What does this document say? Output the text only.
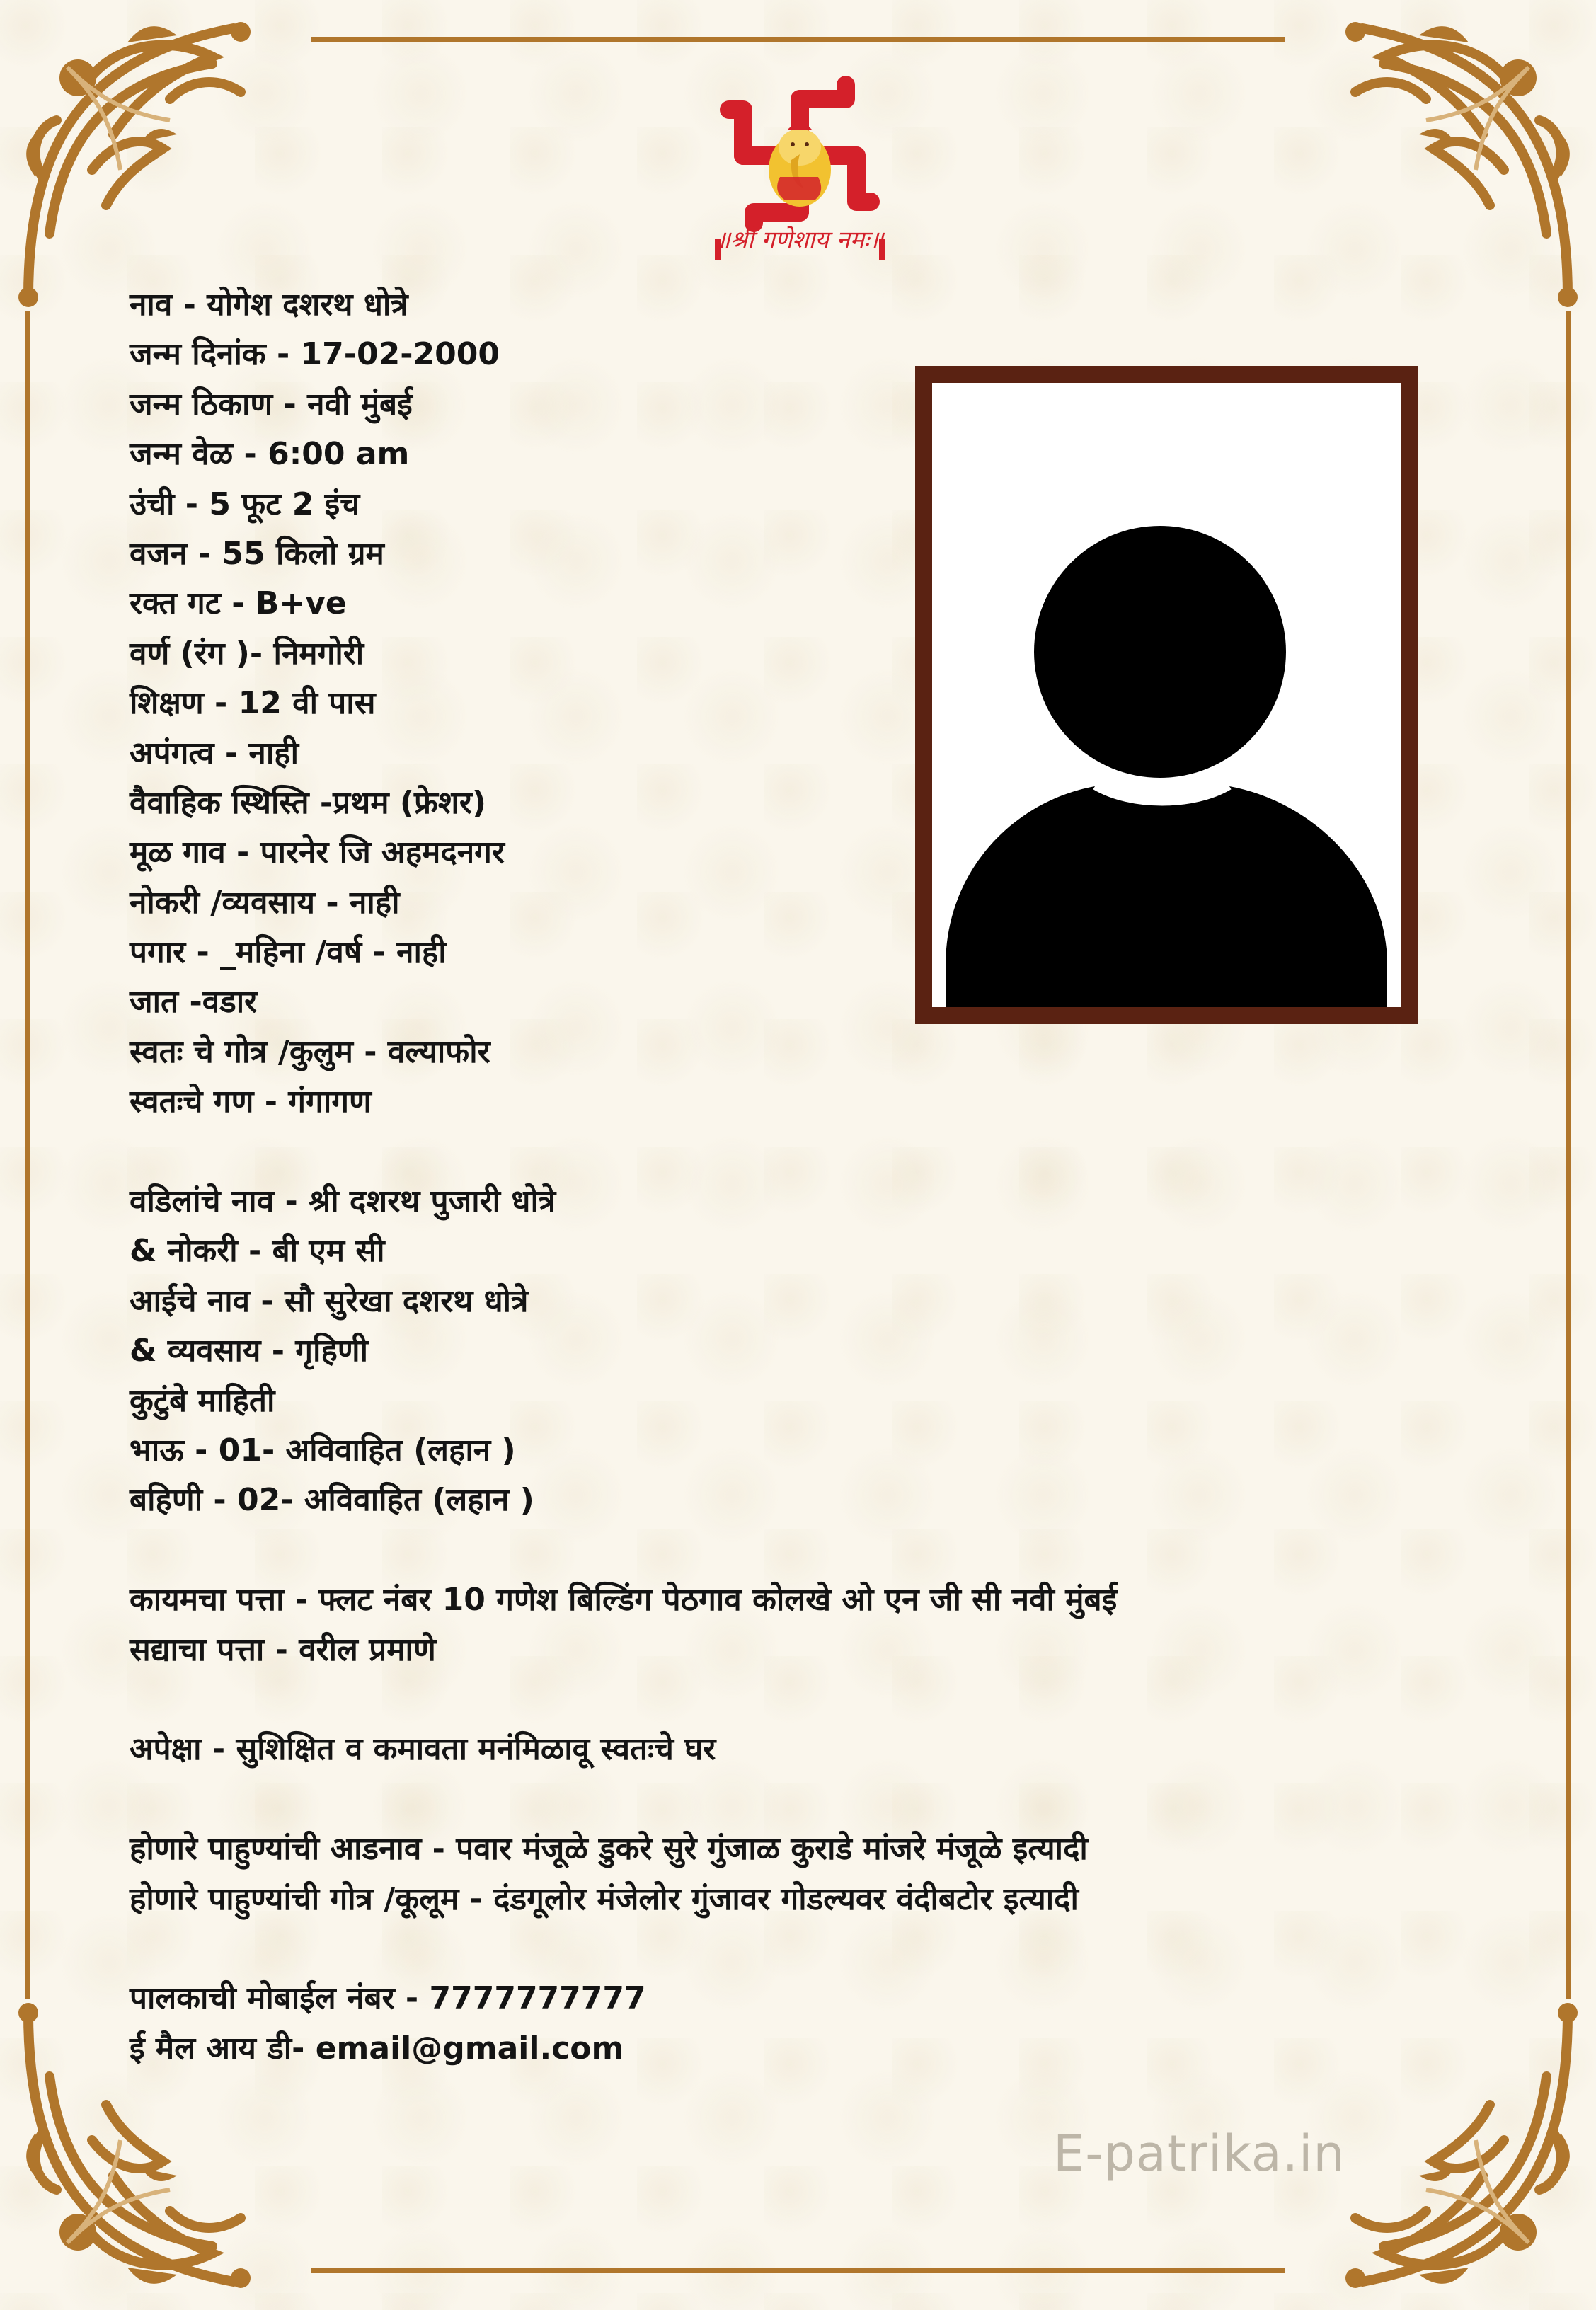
॥श्री गणेशाय नमः॥
नाव - योगेश दशरथ धोत्रे
जन्म दिनांक - 17-02-2000
जन्म ठिकाण - नवी मुंबई
जन्म वेळ - 6:00 am
उंची - 5 फूट 2 इंच
वजन - 55 किलो ग्रम
रक्त गट - B+ve
वर्ण (रंग )- निमगोरी
शिक्षण - 12 वी पास
अपंगत्व - नाही
वैवाहिक स्थिस्ति -प्रथम (फ्रेशर)
मूळ गाव - पारनेर जि अहमदनगर
नोकरी /व्यवसाय - नाही
पगार - _महिना /वर्ष - नाही
जात -वडार
स्वतः चे गोत्र /कुलुम - वल्याफोर
स्वतःचे गण - गंगागण
वडिलांचे नाव - श्री दशरथ पुजारी धोत्रे
& नोकरी - बी एम सी
आईचे नाव - सौ सुरेखा दशरथ धोत्रे
& व्यवसाय - गृहिणी
कुटुंबे माहिती
भाऊ - 01- अविवाहित (लहान )
बहिणी - 02- अविवाहित (लहान )
कायमचा पत्ता - फ्लट नंबर 10 गणेश बिल्डिंग पेठगाव कोलखे ओ एन जी सी नवी मुंबई
सद्याचा पत्ता - वरील प्रमाणे
अपेक्षा - सुशिक्षित व कमावता मनंमिळावू स्वतःचे घर
होणारे पाहुण्यांची आडनाव - पवार मंजूळे डुकरे सुरे गुंजाळ कुराडे मांजरे मंजूळे इत्यादी
होणारे पाहुण्यांची गोत्र /कूलूम - दंडगूलोर मंजेलोर गुंजावर गोडल्यवर वंदीबटोर इत्यादी
पालकाची मोबाईल नंबर - 7777777777
ई मैल आय डी- email@gmail.com
E-patrika.in
